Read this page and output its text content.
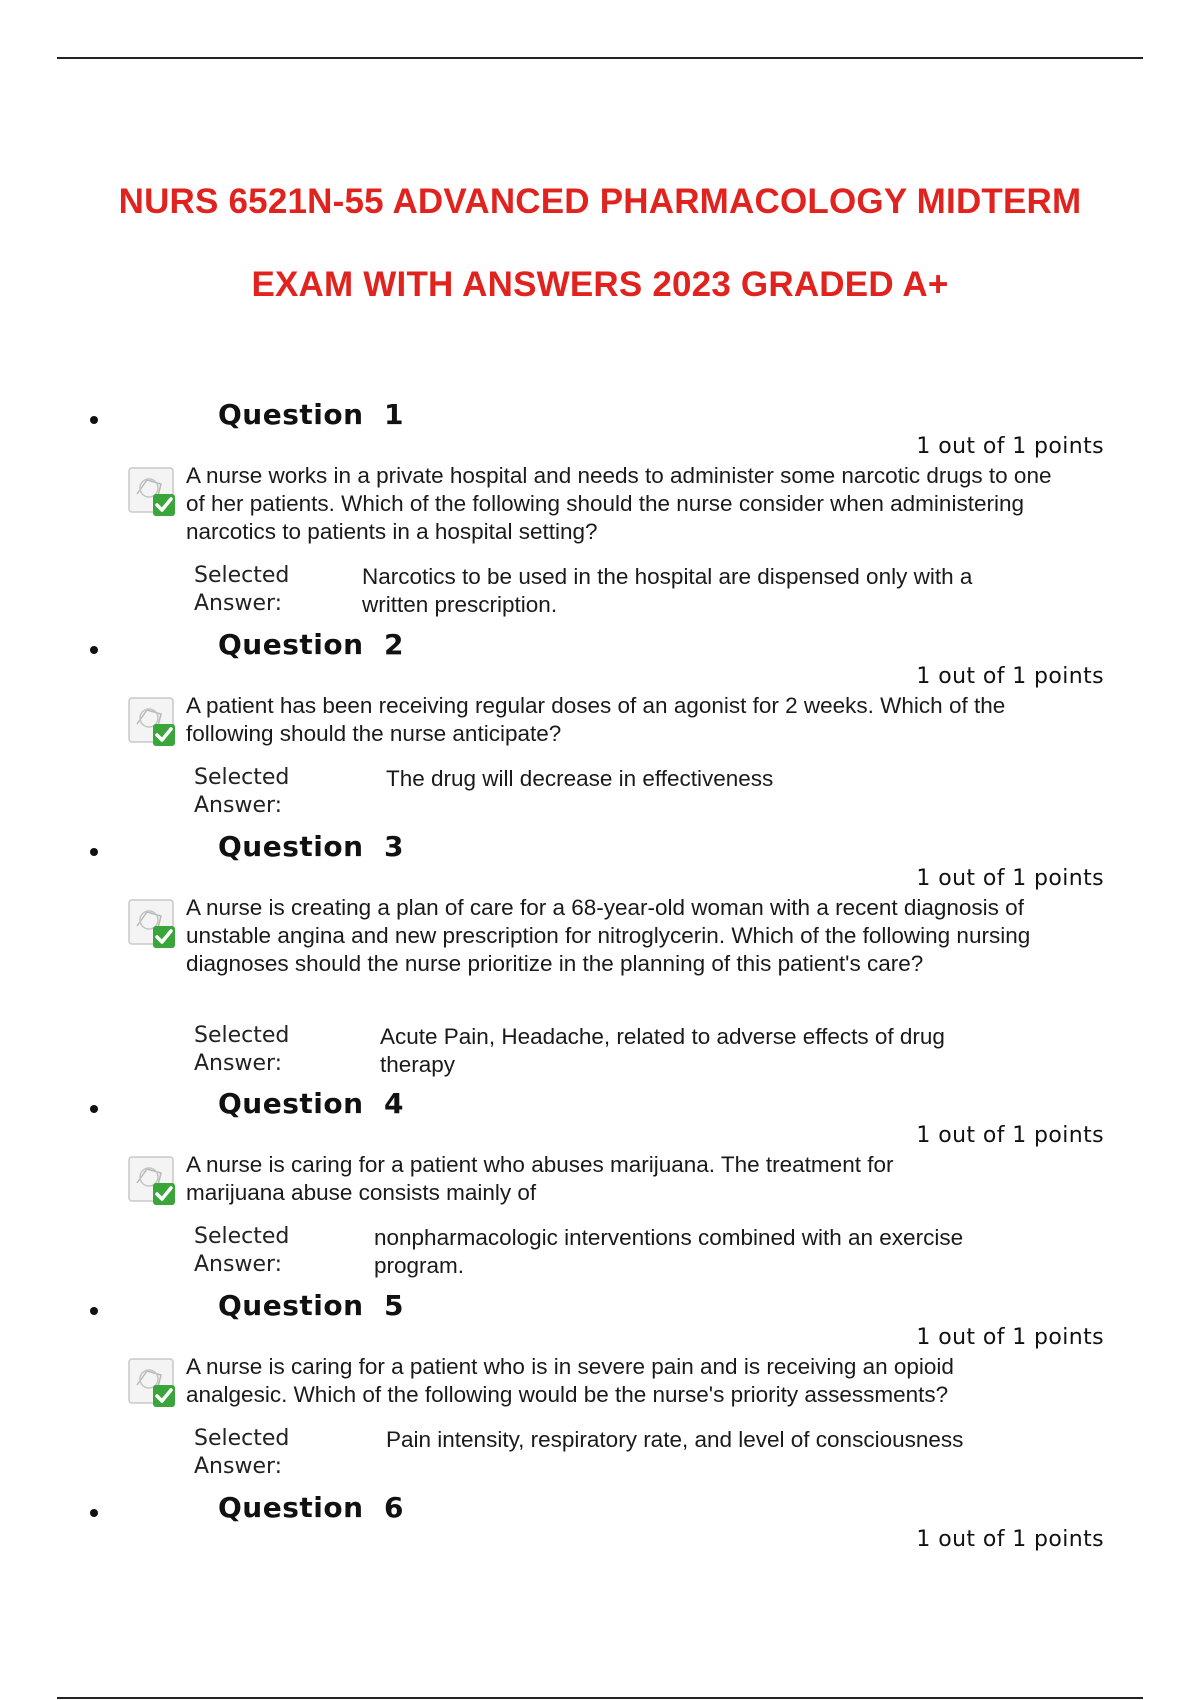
NURS 6521N-55 ADVANCED PHARMACOLOGY MIDTERM
EXAM WITH ANSWERS 2023 GRADED A+
Question  1
1 out of 1 points
A nurse works in a private hospital and needs to administer some narcotic drugs to one of her patients. Which of the following should the nurse consider when administering narcotics to patients in a hospital setting?
Selected
Answer:
Narcotics to be used in the hospital are dispensed only with a written prescription.
Question  2
1 out of 1 points
A patient has been receiving regular doses of an agonist for 2 weeks. Which of the following should the nurse anticipate?
Selected
Answer:
The drug will decrease in effectiveness
Question  3
1 out of 1 points
A nurse is creating a plan of care for a 68-year-old woman with a recent diagnosis of unstable angina and new prescription for nitroglycerin. Which of the following nursing diagnoses should the nurse prioritize in the planning of this patient's care?
Selected
Answer:
Acute Pain, Headache, related to adverse effects of drug therapy
Question  4
1 out of 1 points
A nurse is caring for a patient who abuses marijuana. The treatment for marijuana abuse consists mainly of
Selected
Answer:
nonpharmacologic interventions combined with an exercise program.
Question  5
1 out of 1 points
A nurse is caring for a patient who is in severe pain and is receiving an opioid analgesic. Which of the following would be the nurse's priority assessments?
Selected
Answer:
Pain intensity, respiratory rate, and level of consciousness
Question  6
1 out of 1 points
